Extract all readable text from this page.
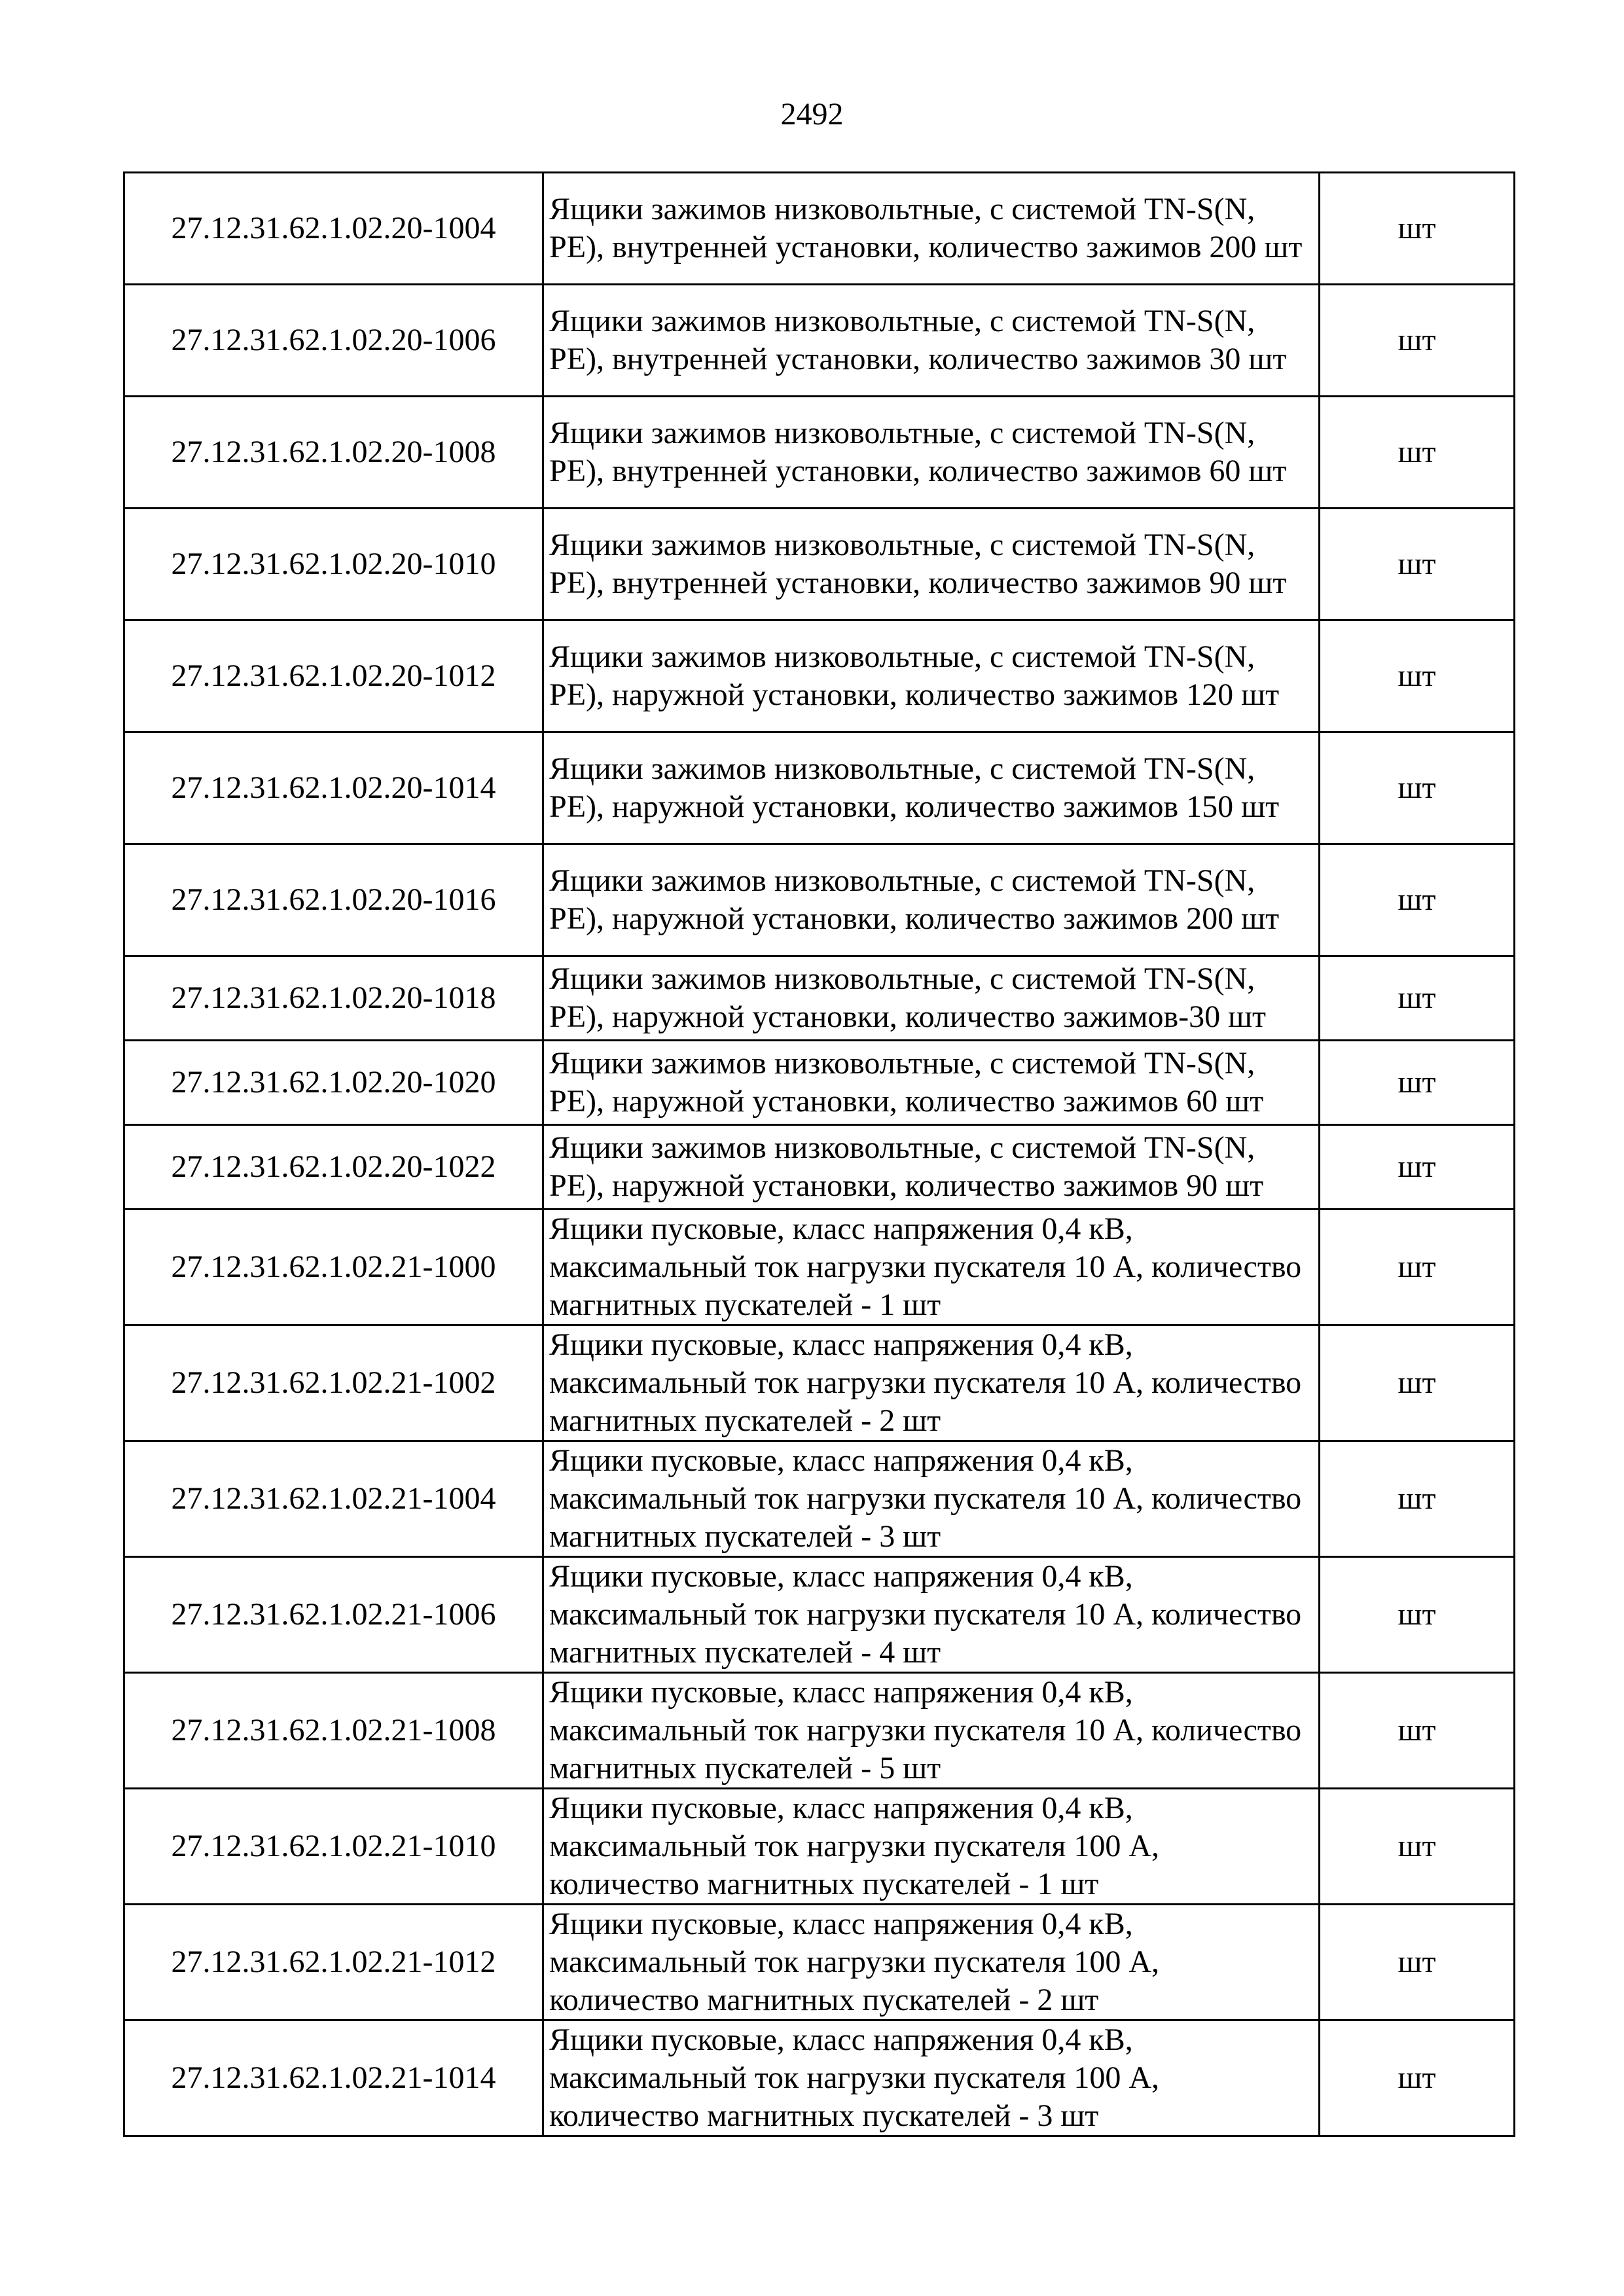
2492
27.12.31.62.1.02.20-1004	Ящики зажимов низковольтные, с системой TN-S(N, PE), внутренней установки, количество зажимов 200 шт	шт
27.12.31.62.1.02.20-1006	Ящики зажимов низковольтные, с системой TN-S(N, PE), внутренней установки, количество зажимов 30 шт	шт
27.12.31.62.1.02.20-1008	Ящики зажимов низковольтные, с системой TN-S(N, PE), внутренней установки, количество зажимов 60 шт	шт
27.12.31.62.1.02.20-1010	Ящики зажимов низковольтные, с системой TN-S(N, PE), внутренней установки, количество зажимов 90 шт	шт
27.12.31.62.1.02.20-1012	Ящики зажимов низковольтные, с системой TN-S(N, PE), наружной установки, количество зажимов 120 шт	шт
27.12.31.62.1.02.20-1014	Ящики зажимов низковольтные, с системой TN-S(N, PE), наружной установки, количество зажимов 150 шт	шт
27.12.31.62.1.02.20-1016	Ящики зажимов низковольтные, с системой TN-S(N, PE), наружной установки, количество зажимов 200 шт	шт
27.12.31.62.1.02.20-1018	Ящики зажимов низковольтные, с системой TN-S(N, PE), наружной установки, количество зажимов-30 шт	шт
27.12.31.62.1.02.20-1020	Ящики зажимов низковольтные, с системой TN-S(N, PE), наружной установки, количество зажимов 60 шт	шт
27.12.31.62.1.02.20-1022	Ящики зажимов низковольтные, с системой TN-S(N, PE), наружной установки, количество зажимов 90 шт	шт
27.12.31.62.1.02.21-1000	Ящики пусковые, класс напряжения 0,4 кВ, максимальный ток нагрузки пускателя 10 А, количество магнитных пускателей - 1 шт	шт
27.12.31.62.1.02.21-1002	Ящики пусковые, класс напряжения 0,4 кВ, максимальный ток нагрузки пускателя 10 А, количество магнитных пускателей - 2 шт	шт
27.12.31.62.1.02.21-1004	Ящики пусковые, класс напряжения 0,4 кВ, максимальный ток нагрузки пускателя 10 А, количество магнитных пускателей - 3 шт	шт
27.12.31.62.1.02.21-1006	Ящики пусковые, класс напряжения 0,4 кВ, максимальный ток нагрузки пускателя 10 А, количество магнитных пускателей - 4 шт	шт
27.12.31.62.1.02.21-1008	Ящики пусковые, класс напряжения 0,4 кВ, максимальный ток нагрузки пускателя 10 А, количество магнитных пускателей - 5 шт	шт
27.12.31.62.1.02.21-1010	Ящики пусковые, класс напряжения 0,4 кВ, максимальный ток нагрузки пускателя 100 А, количество магнитных пускателей - 1 шт	шт
27.12.31.62.1.02.21-1012	Ящики пусковые, класс напряжения 0,4 кВ, максимальный ток нагрузки пускателя 100 А, количество магнитных пускателей - 2 шт	шт
27.12.31.62.1.02.21-1014	Ящики пусковые, класс напряжения 0,4 кВ, максимальный ток нагрузки пускателя 100 А, количество магнитных пускателей - 3 шт	шт
